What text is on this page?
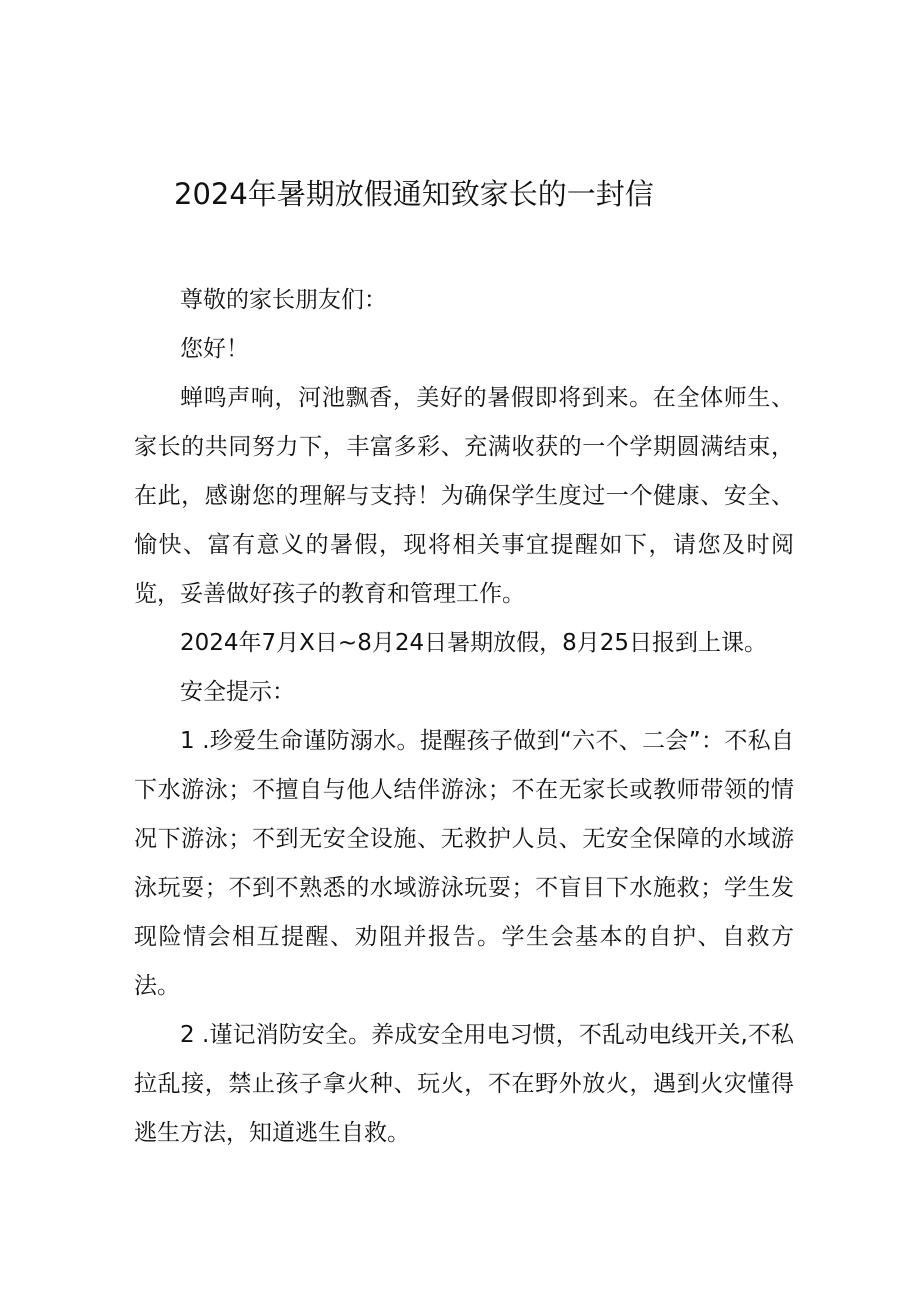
2024年暑期放假通知致家长的一封信

尊敬的家长朋友们：

您好！

蝉鸣声响，河池飘香，美好的暑假即将到来。在全体师生、家长的共同努力下，丰富多彩、充满收获的一个学期圆满结束，在此，感谢您的理解与支持！为确保学生度过一个健康、安全、愉快、富有意义的暑假，现将相关事宜提醒如下，请您及时阅览，妥善做好孩子的教育和管理工作。

2024年7月X日~8月24日暑期放假，8月25日报到上课。

安全提示：

1 .珍爱生命谨防溺水。提醒孩子做到“六不、二会”：不私自下水游泳；不擅自与他人结伴游泳；不在无家长或教师带领的情况下游泳；不到无安全设施、无救护人员、无安全保障的水域游泳玩耍；不到不熟悉的水域游泳玩耍；不盲目下水施救；学生发现险情会相互提醒、劝阻并报告。学生会基本的自护、自救方法。

2 .谨记消防安全。养成安全用电习惯，不乱动电线开关,不私拉乱接，禁止孩子拿火种、玩火，不在野外放火，遇到火灾懂得逃生方法，知道逃生自救。
